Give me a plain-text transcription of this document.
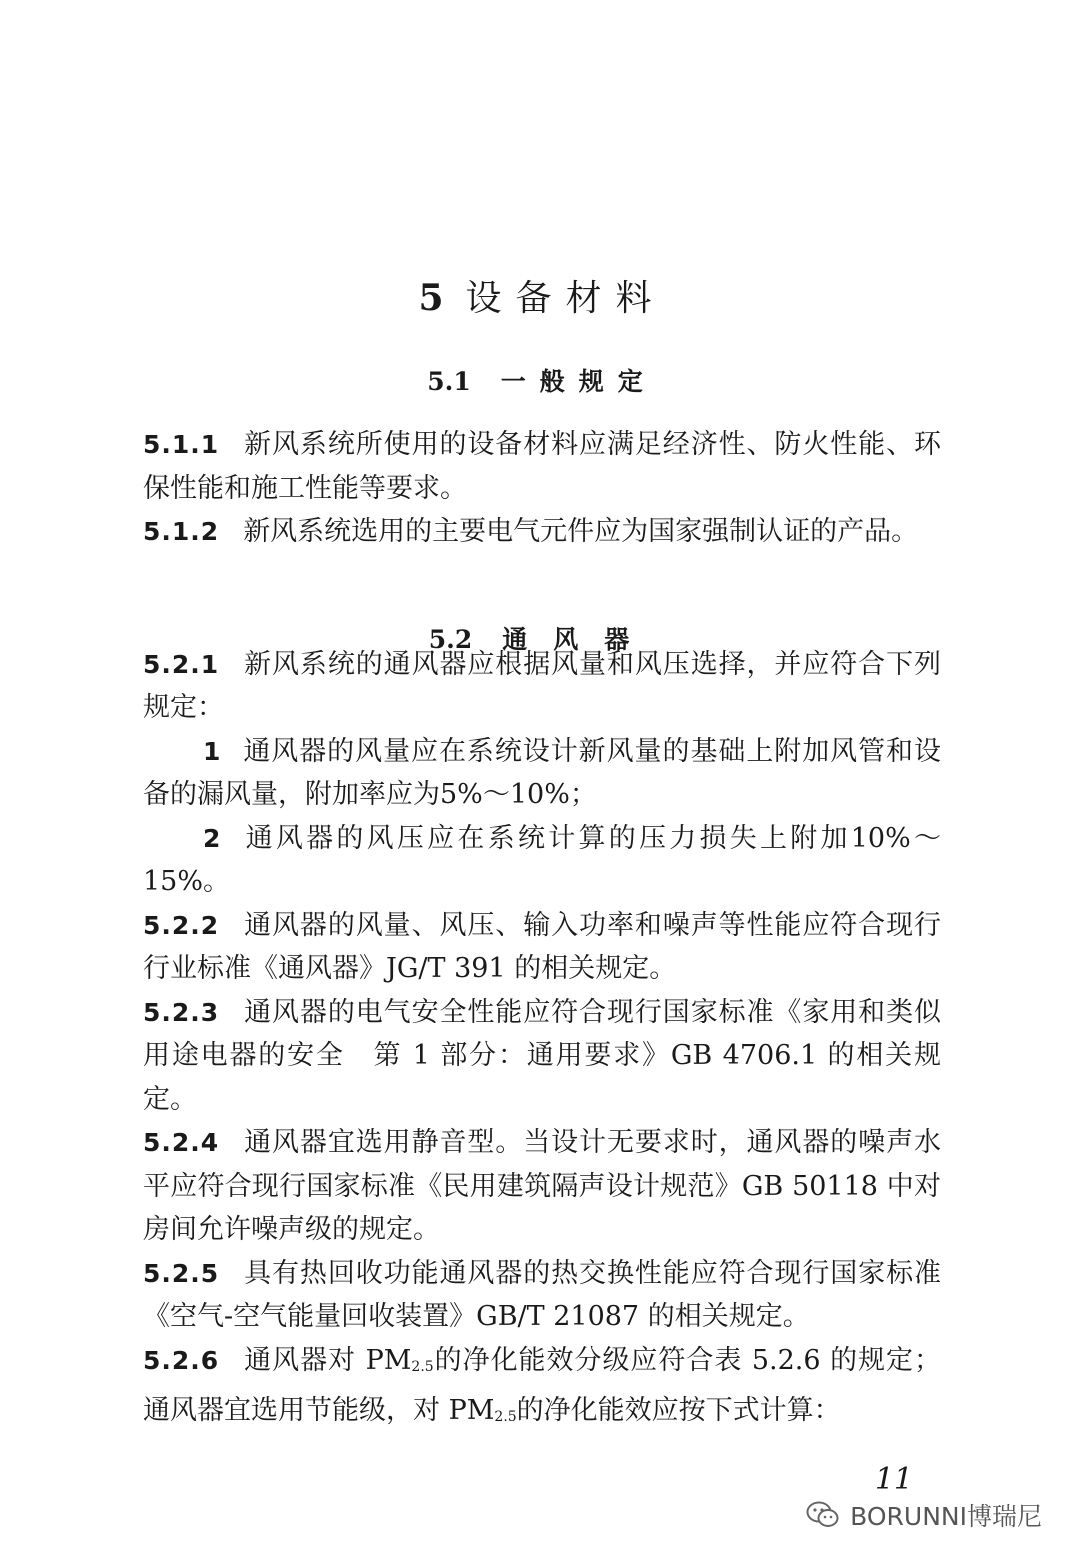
5 设备材料
5.1 一般规定
5.2 通风器

5.1.1 新风系统所使用的设备材料应满足经济性、防火性能、环保性能和施工性能等要求。

5.1.2 新风系统选用的主要电气元件应为国家强制认证的产品。

5.2.1 新风系统的通风器应根据风量和风压选择，并应符合下列规定：

1 通风器的风量应在系统设计新风量的基础上附加风管和设备的漏风量，附加率应为5%～10%；

2 通风器的风压应在系统计算的压力损失上附加10%～15%。

5.2.2 通风器的风量、风压、输入功率和噪声等性能应符合现行行业标准《通风器》JG/T 391 的相关规定。

5.2.3 通风器的电气安全性能应符合现行国家标准《家用和类似用途电器的安全　第 1 部分：通用要求》GB 4706.1 的相关规定。

5.2.4 通风器宜选用静音型。当设计无要求时，通风器的噪声水平应符合现行国家标准《民用建筑隔声设计规范》GB 50118 中对房间允许噪声级的规定。

5.2.5 具有热回收功能通风器的热交换性能应符合现行国家标准《空气-空气能量回收装置》GB/T 21087 的相关规定。

5.2.6 通风器对 $PM_{2.5}$的净化能效分级应符合表 5.2.6 的规定；通风器宜选用节能级，对 $PM_{2.5}$的净化能效应按下式计算：

11
BORUNNI博瑞尼
